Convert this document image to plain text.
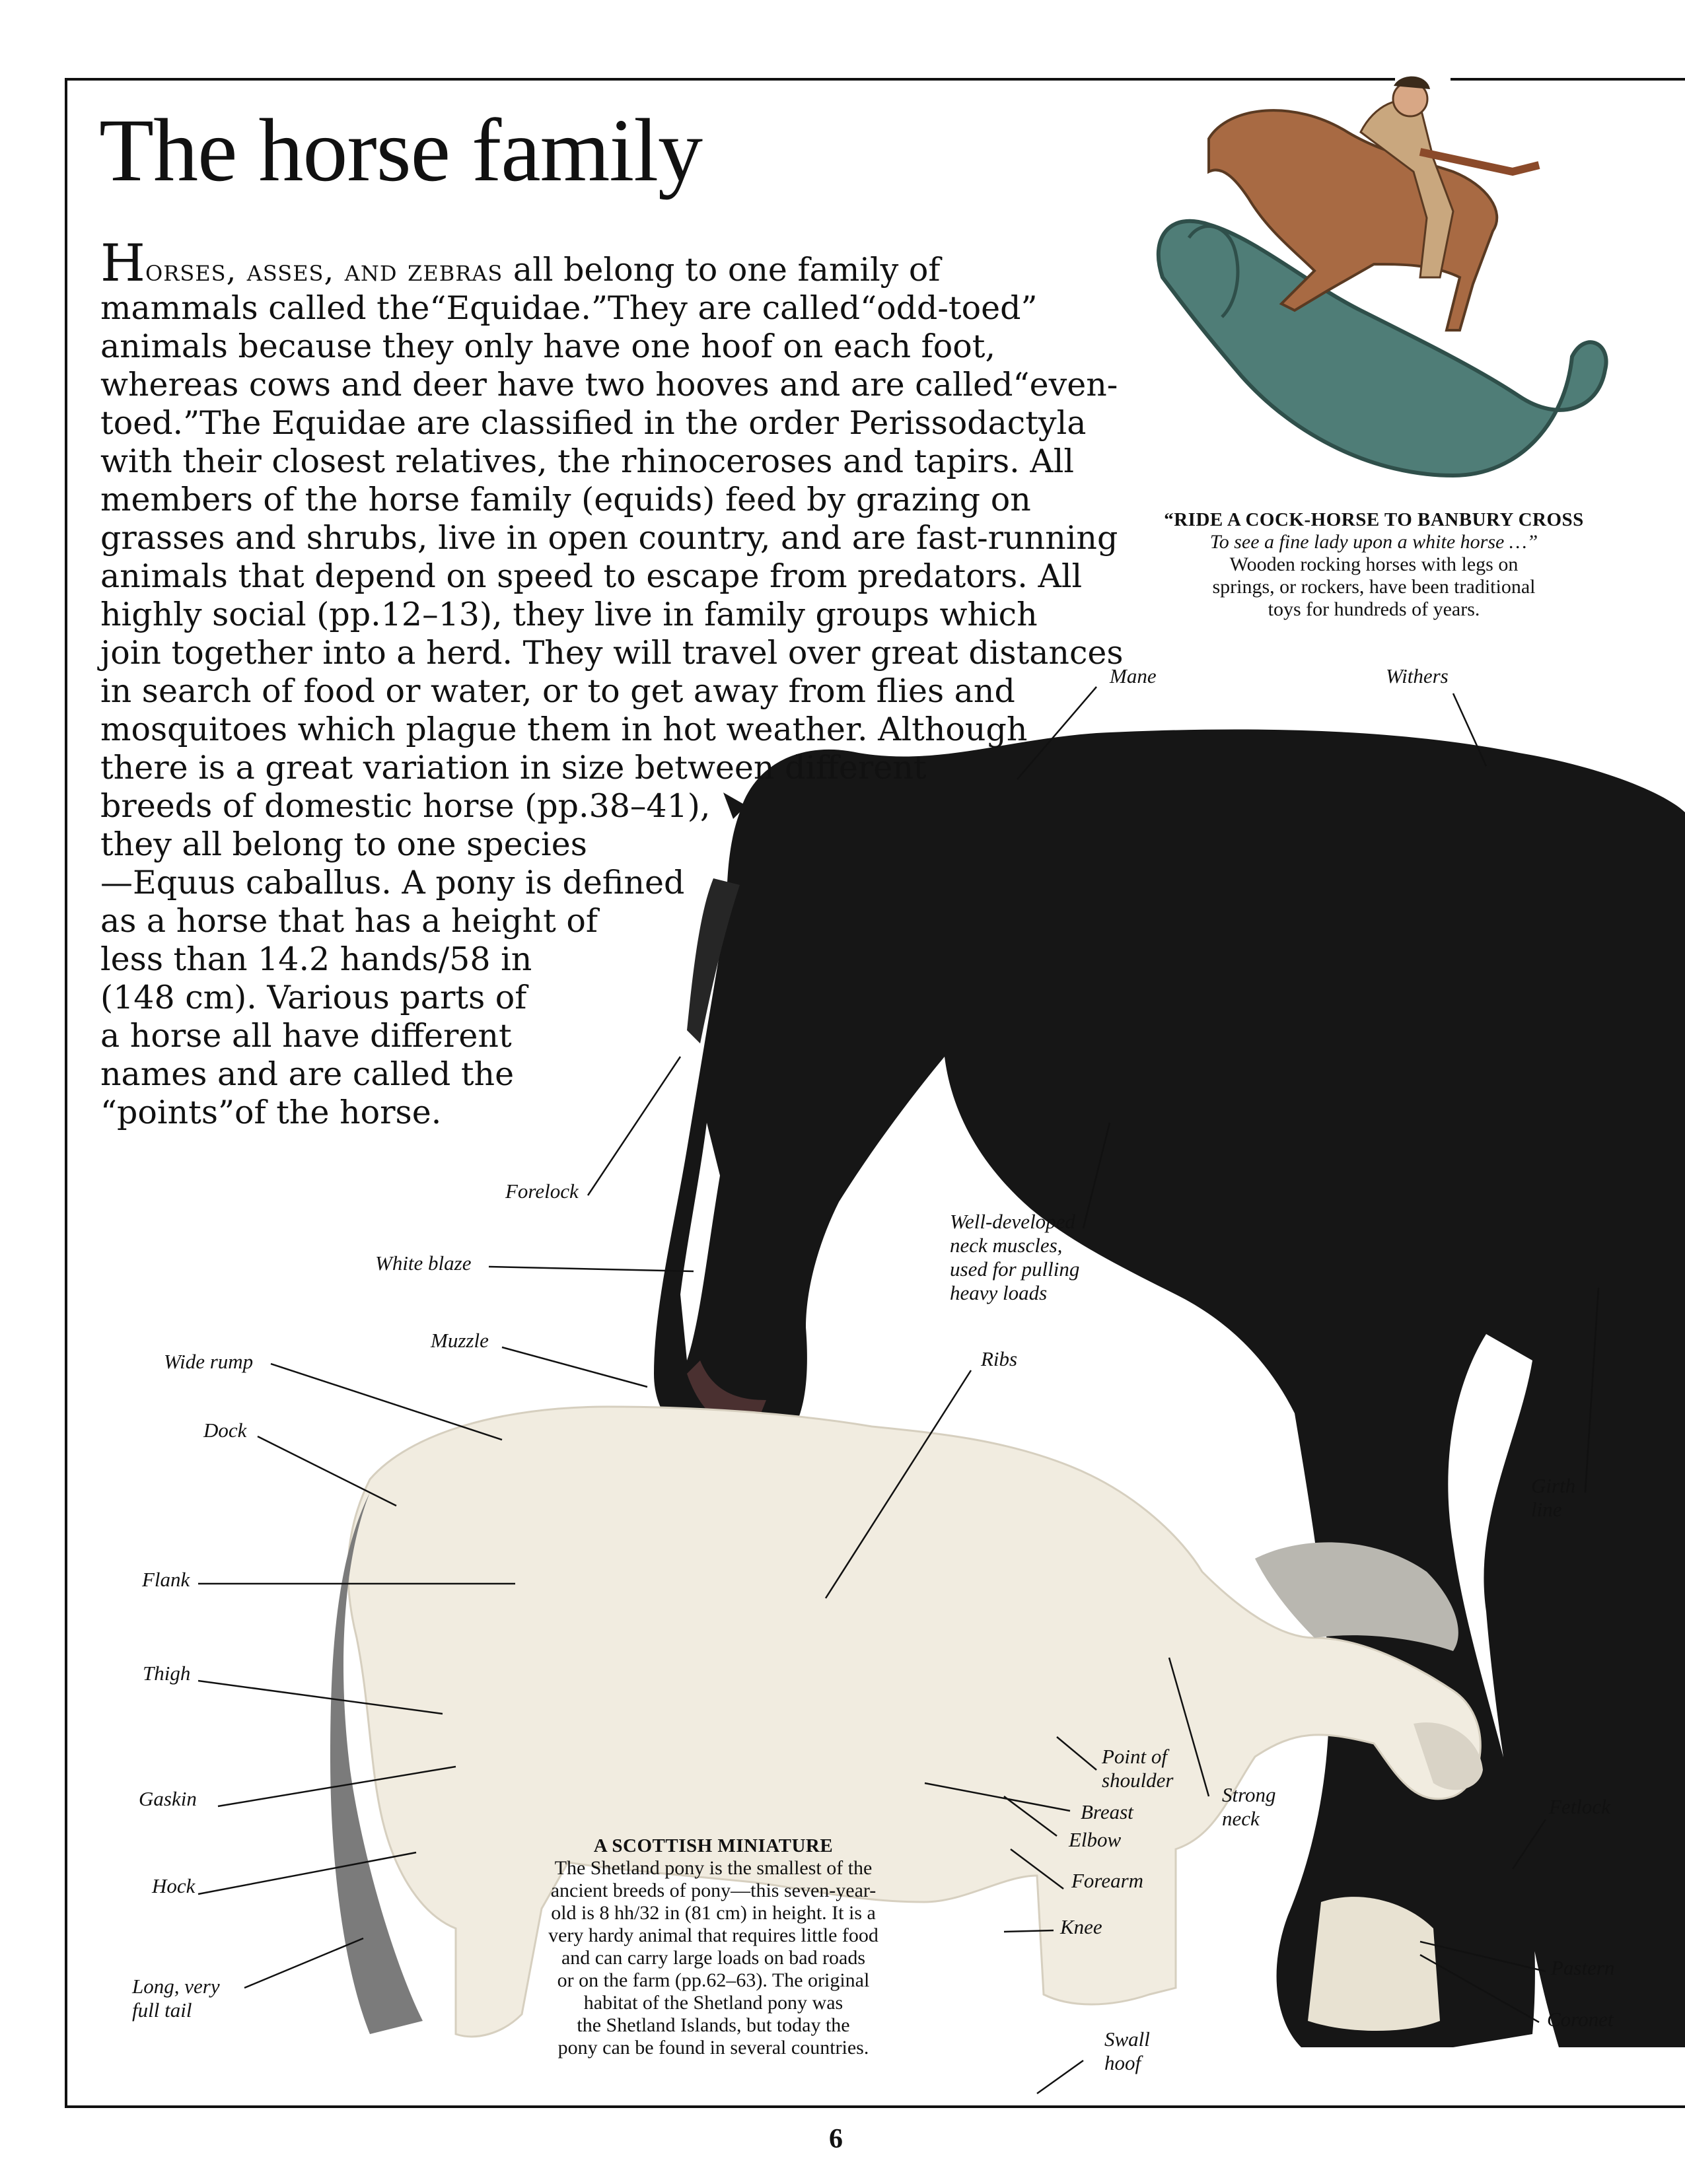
The horse family

Horses, asses, and zebras all belong to one family of
mammals called the“Equidae.”They are called“odd-toed”
animals because they only have one hoof on each foot,
whereas cows and deer have two hooves and are called“even-
toed.”The Equidae are classified in the order Perissodactyla
with their closest relatives, the rhinoceroses and tapirs. All
members of the horse family (equids) feed by grazing on
grasses and shrubs, live in open country, and are fast-running
animals that depend on speed to escape from predators. All
highly social (pp.12–13), they live in family groups which
join together into a herd. They will travel over great distances
in search of food or water, or to get away from flies and
mosquitoes which plague them in hot weather. Although
there is a great variation in size between different
breeds of domestic horse (pp.38–41),
they all belong to one species
—Equus caballus. A pony is defined
as a horse that has a height of
less than 14.2 hands/58 in
(148 cm). Various parts of
a horse all have different
names and are called the
“points”of the horse.

“RIDE A COCK-HORSE TO BANBURY CROSS
To see a fine lady upon a white horse …”
Wooden rocking horses with legs on
springs, or rockers, have been traditional
toys for hundreds of years.
A SCOTTISH MINIATURE
The Shetland pony is the smallest of the
ancient breeds of pony—this seven-year-
old is 8 hh/32 in (81 cm) in height. It is a
very hardy animal that requires little food
and can carry large loads on bad roads
or on the farm (pp.62–63). The original
habitat of the Shetland pony was
the Shetland Islands, but today the
pony can be found in several countries.
Mane	Withers
Forelock
White blaze
Well-developed
neck muscles,
used for pulling
heavy loads
Muzzle
Wide rump	Ribs
Dock
Girth
line
Flank
Thigh
Point of
shoulder
Strong
neck
Breast
Gaskin	Fetlock
Elbow
Hock	Forearm
Knee
Long, very
full tail
Pastern
Coronet
Swall
hoof
6
